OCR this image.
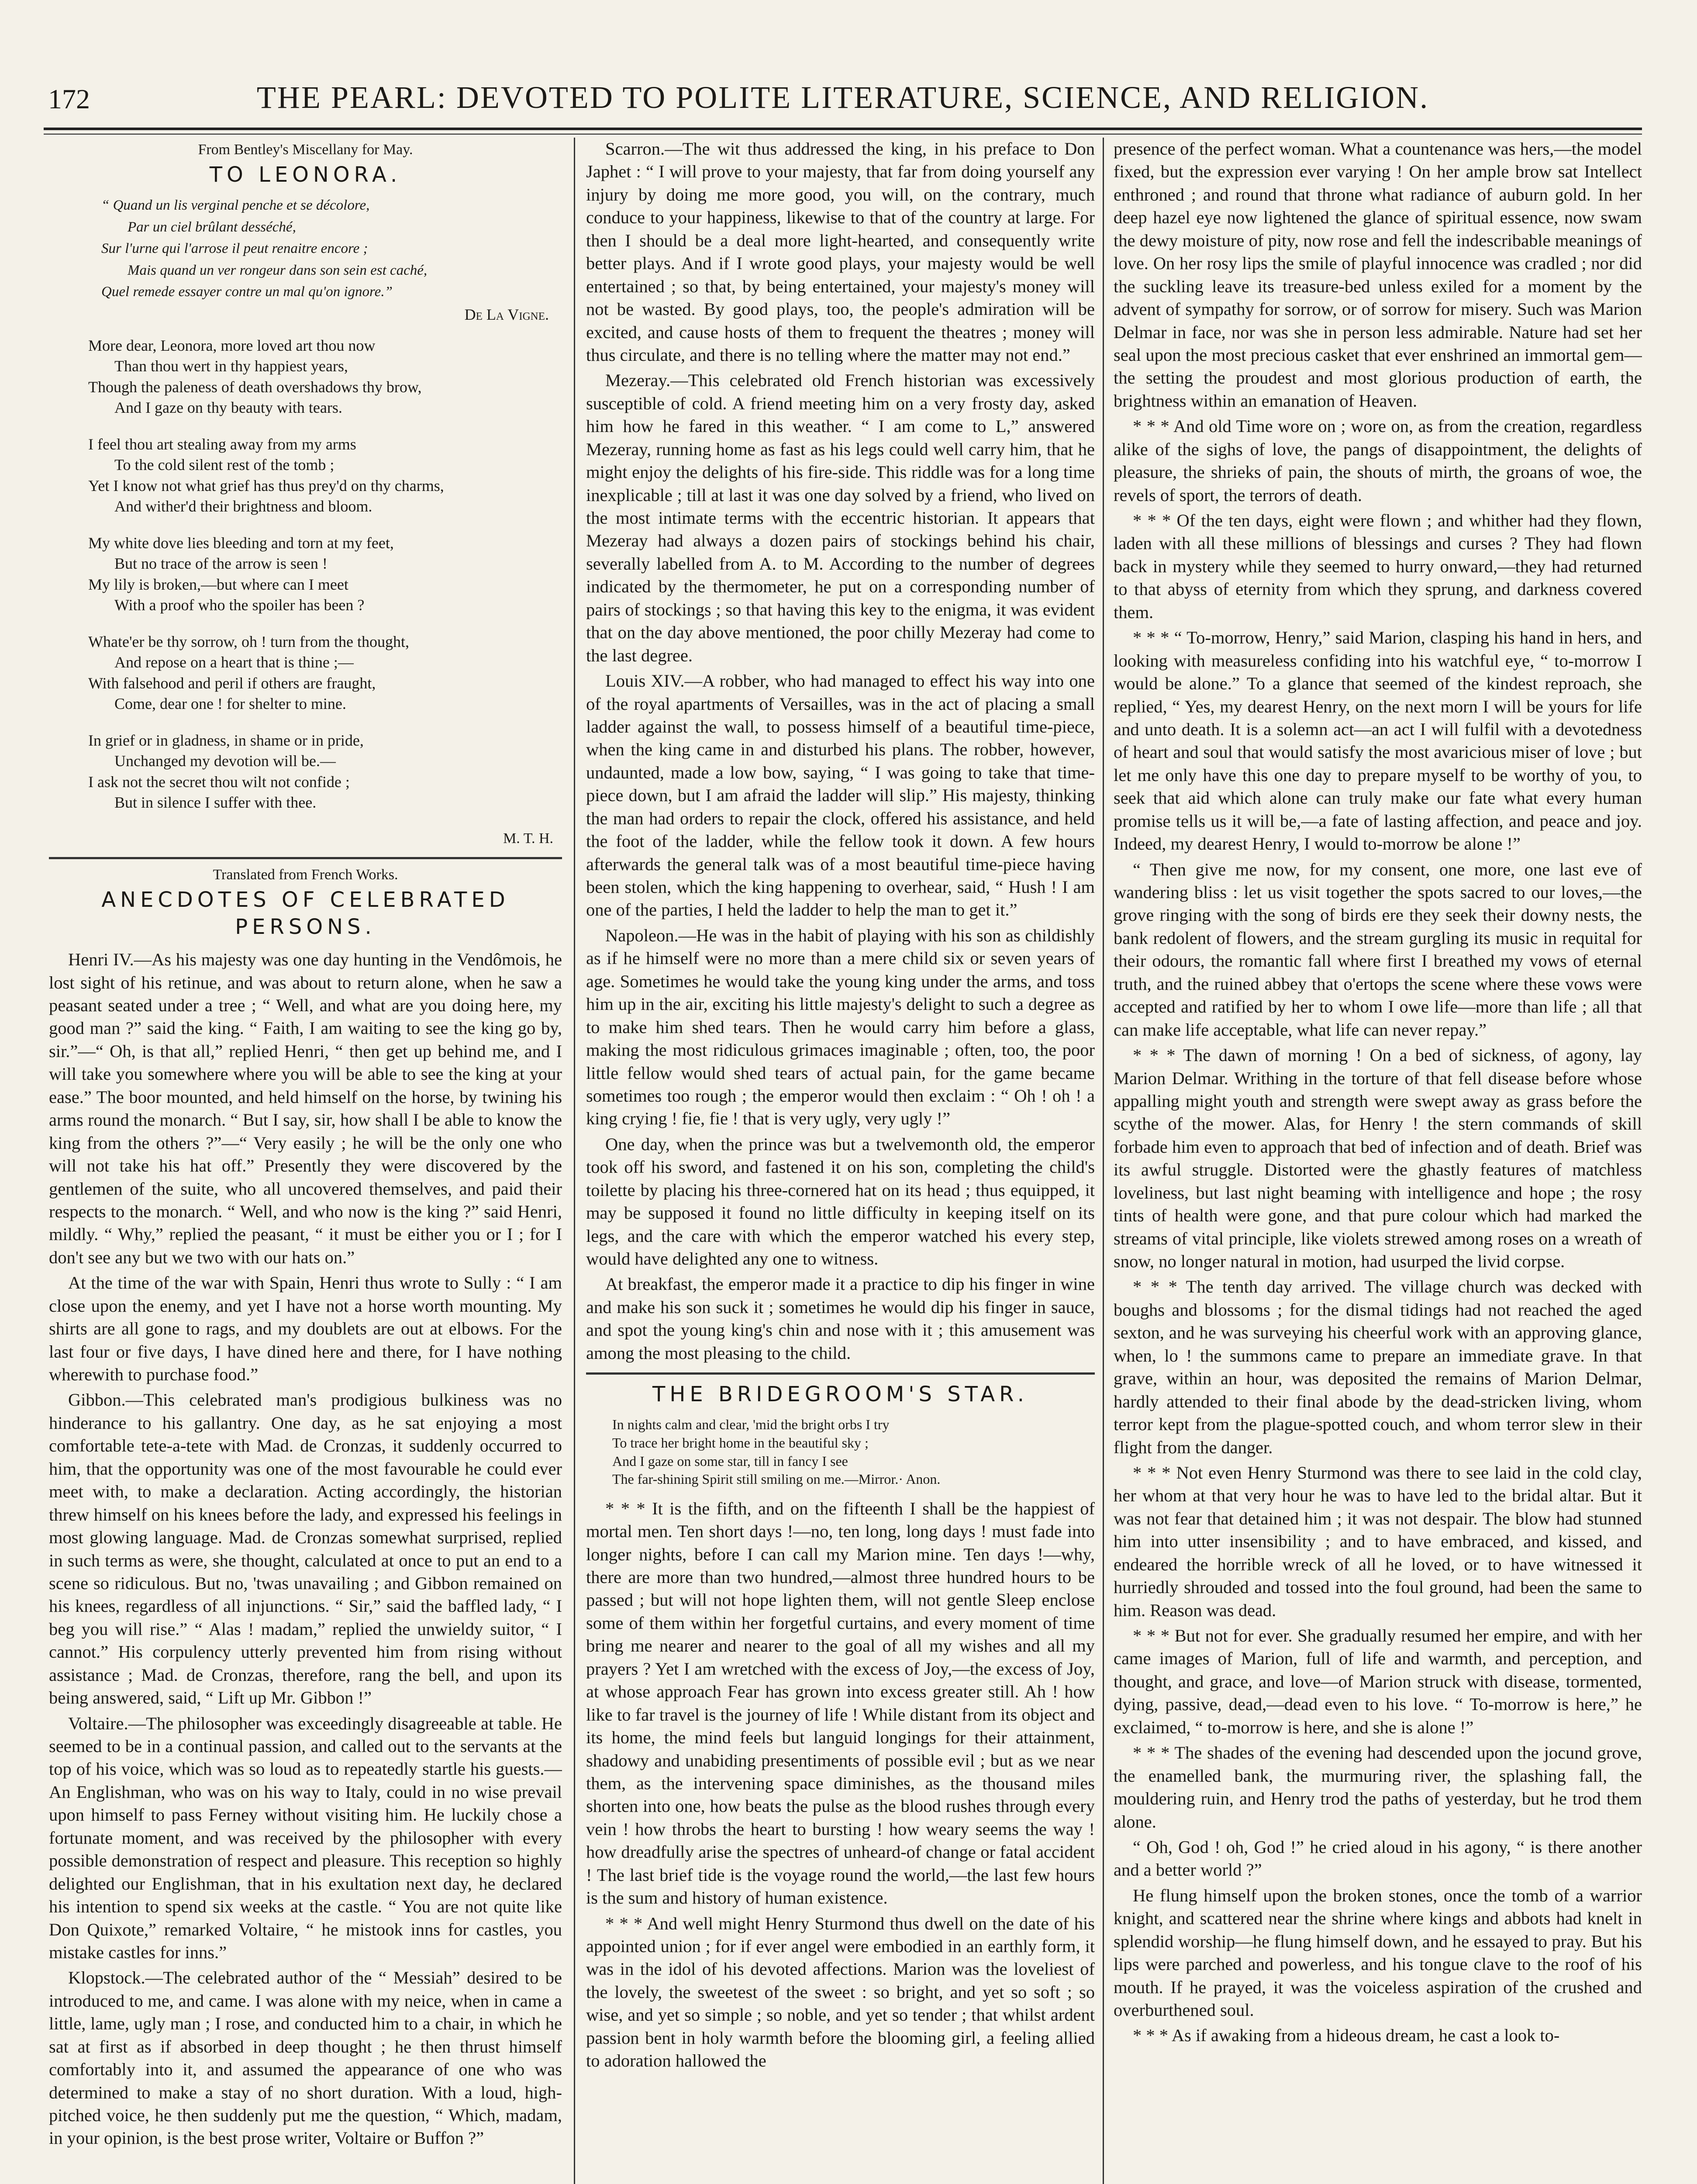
172	THE PEARL: DEVOTED TO POLITE LITERATURE, SCIENCE, AND RELIGION.
From Bentley's Miscellany for May.
TO LEONORA.
“ Quand un lis verginal penche et se décolore,
Par un ciel brûlant desséché,
Sur l'urne qui l'arrose il peut renaitre encore ;
Mais quand un ver rongeur dans son sein est caché,
Quel remede essayer contre un mal qu'on ignore.”
De La Vigne.
More dear, Leonora, more loved art thou now
Than thou wert in thy happiest years,
Though the paleness of death overshadows thy brow,
And I gaze on thy beauty with tears.
I feel thou art stealing away from my arms
To the cold silent rest of the tomb ;
Yet I know not what grief has thus prey'd on thy charms,
And wither'd their brightness and bloom.
My white dove lies bleeding and torn at my feet,
But no trace of the arrow is seen !
My lily is broken,—but where can I meet
With a proof who the spoiler has been ?
Whate'er be thy sorrow, oh ! turn from the thought,
And repose on a heart that is thine ;—
With falsehood and peril if others are fraught,
Come, dear one ! for shelter to mine.
In grief or in gladness, in shame or in pride,
Unchanged my devotion will be.—
I ask not the secret thou wilt not confide ;
But in silence I suffer with thee.
M. T. H.
Translated from French Works.
ANECDOTES OF CELEBRATED PERSONS.

Henri IV.—As his majesty was one day hunting in the Vendômois, he lost sight of his retinue, and was about to return alone, when he saw a peasant seated under a tree ; “ Well, and what are you doing here, my good man ?” said the king. “ Faith, I am waiting to see the king go by, sir.”—“ Oh, is that all,” replied Henri, “ then get up behind me, and I will take you somewhere where you will be able to see the king at your ease.” The boor mounted, and held himself on the horse, by twining his arms round the monarch. “ But I say, sir, how shall I be able to know the king from the others ?”—“ Very easily ; he will be the only one who will not take his hat off.” Presently they were discovered by the gentlemen of the suite, who all uncovered themselves, and paid their respects to the monarch. “ Well, and who now is the king ?” said Henri, mildly. “ Why,” replied the peasant, “ it must be either you or I ; for I don't see any but we two with our hats on.”

At the time of the war with Spain, Henri thus wrote to Sully : “ I am close upon the enemy, and yet I have not a horse worth mounting. My shirts are all gone to rags, and my doublets are out at elbows. For the last four or five days, I have dined here and there, for I have nothing wherewith to purchase food.”

Gibbon.—This celebrated man's prodigious bulkiness was no hinderance to his gallantry. One day, as he sat enjoying a most comfortable tete-a-tete with Mad. de Cronzas, it suddenly occurred to him, that the opportunity was one of the most favourable he could ever meet with, to make a declaration. Acting accordingly, the historian threw himself on his knees before the lady, and expressed his feelings in most glowing language. Mad. de Cronzas somewhat surprised, replied in such terms as were, she thought, calculated at once to put an end to a scene so ridiculous. But no, 'twas unavailing ; and Gibbon remained on his knees, regardless of all injunctions. “ Sir,” said the baffled lady, “ I beg you will rise.” “ Alas ! madam,” replied the unwieldy suitor, “ I cannot.” His corpulency utterly prevented him from rising without assistance ; Mad. de Cronzas, therefore, rang the bell, and upon its being answered, said, “ Lift up Mr. Gibbon !”

Voltaire.—The philosopher was exceedingly disagreeable at table. He seemed to be in a continual passion, and called out to the servants at the top of his voice, which was so loud as to repeatedly startle his guests.—An Englishman, who was on his way to Italy, could in no wise prevail upon himself to pass Ferney without visiting him. He luckily chose a fortunate moment, and was received by the philosopher with every possible demonstration of respect and pleasure. This reception so highly delighted our Englishman, that in his exultation next day, he declared his intention to spend six weeks at the castle. “ You are not quite like Don Quixote,” remarked Voltaire, “ he mistook inns for castles, you mistake castles for inns.”

Klopstock.—The celebrated author of the “ Messiah” desired to be introduced to me, and came. I was alone with my neice, when in came a little, lame, ugly man ; I rose, and conducted him to a chair, in which he sat at first as if absorbed in deep thought ; he then thrust himself comfortably into it, and assumed the appearance of one who was determined to make a stay of no short duration. With a loud, high-pitched voice, he then suddenly put me the question, “ Which, madam, in your opinion, is the best prose writer, Voltaire or Buffon ?”

Scarron.—The wit thus addressed the king, in his preface to Don Japhet : “ I will prove to your majesty, that far from doing yourself any injury by doing me more good, you will, on the contrary, much conduce to your happiness, likewise to that of the country at large. For then I should be a deal more light-hearted, and consequently write better plays. And if I wrote good plays, your majesty would be well entertained ; so that, by being entertained, your majesty's money will not be wasted. By good plays, too, the people's admiration will be excited, and cause hosts of them to frequent the theatres ; money will thus circulate, and there is no telling where the matter may not end.”

Mezeray.—This celebrated old French historian was excessively susceptible of cold. A friend meeting him on a very frosty day, asked him how he fared in this weather. “ I am come to L,” answered Mezeray, running home as fast as his legs could well carry him, that he might enjoy the delights of his fire-side. This riddle was for a long time inexplicable ; till at last it was one day solved by a friend, who lived on the most intimate terms with the eccentric historian. It appears that Mezeray had always a dozen pairs of stockings behind his chair, severally labelled from A. to M. According to the number of degrees indicated by the thermometer, he put on a corresponding number of pairs of stockings ; so that having this key to the enigma, it was evident that on the day above mentioned, the poor chilly Mezeray had come to the last degree.

Louis XIV.—A robber, who had managed to effect his way into one of the royal apartments of Versailles, was in the act of placing a small ladder against the wall, to possess himself of a beautiful time-piece, when the king came in and disturbed his plans. The robber, however, undaunted, made a low bow, saying, “ I was going to take that time-piece down, but I am afraid the ladder will slip.” His majesty, thinking the man had orders to repair the clock, offered his assistance, and held the foot of the ladder, while the fellow took it down. A few hours afterwards the general talk was of a most beautiful time-piece having been stolen, which the king happening to overhear, said, “ Hush ! I am one of the parties, I held the ladder to help the man to get it.”

Napoleon.—He was in the habit of playing with his son as childishly as if he himself were no more than a mere child six or seven years of age. Sometimes he would take the young king under the arms, and toss him up in the air, exciting his little majesty's delight to such a degree as to make him shed tears. Then he would carry him before a glass, making the most ridiculous grimaces imaginable ; often, too, the poor little fellow would shed tears of actual pain, for the game became sometimes too rough ; the emperor would then exclaim : “ Oh ! oh ! a king crying ! fie, fie ! that is very ugly, very ugly !”

One day, when the prince was but a twelvemonth old, the emperor took off his sword, and fastened it on his son, completing the child's toilette by placing his three-cornered hat on its head ; thus equipped, it may be supposed it found no little difficulty in keeping itself on its legs, and the care with which the emperor watched his every step, would have delighted any one to witness.

At breakfast, the emperor made it a practice to dip his finger in wine and make his son suck it ; sometimes he would dip his finger in sauce, and spot the young king's chin and nose with it ; this amusement was among the most pleasing to the child.

THE BRIDEGROOM'S STAR.
In nights calm and clear, 'mid the bright orbs I try
To trace her bright home in the beautiful sky ;
And I gaze on some star, till in fancy I see
The far-shining Spirit still smiling on me.—Mirror.· Anon.

* * * It is the fifth, and on the fifteenth I shall be the happiest of mortal men. Ten short days !—no, ten long, long days ! must fade into longer nights, before I can call my Marion mine. Ten days !—why, there are more than two hundred,—almost three hundred hours to be passed ; but will not hope lighten them, will not gentle Sleep enclose some of them within her forgetful curtains, and every moment of time bring me nearer and nearer to the goal of all my wishes and all my prayers ? Yet I am wretched with the excess of Joy,—the excess of Joy, at whose approach Fear has grown into excess greater still. Ah ! how like to far travel is the journey of life ! While distant from its object and its home, the mind feels but languid longings for their attainment, shadowy and unabiding presentiments of possible evil ; but as we near them, as the intervening space diminishes, as the thousand miles shorten into one, how beats the pulse as the blood rushes through every vein ! how throbs the heart to bursting ! how weary seems the way ! how dreadfully arise the spectres of unheard-of change or fatal accident ! The last brief tide is the voyage round the world,—the last few hours is the sum and history of human existence.

* * * And well might Henry Sturmond thus dwell on the date of his appointed union ; for if ever angel were embodied in an earthly form, it was in the idol of his devoted affections. Marion was the loveliest of the lovely, the sweetest of the sweet : so bright, and yet so soft ; so wise, and yet so simple ; so noble, and yet so tender ; that whilst ardent passion bent in holy warmth before the blooming girl, a feeling allied to adoration hallowed the

presence of the perfect woman. What a countenance was hers,—the model fixed, but the expression ever varying ! On her ample brow sat Intellect enthroned ; and round that throne what radiance of auburn gold. In her deep hazel eye now lightened the glance of spiritual essence, now swam the dewy moisture of pity, now rose and fell the indescribable meanings of love. On her rosy lips the smile of playful innocence was cradled ; nor did the suckling leave its treasure-bed unless exiled for a moment by the advent of sympathy for sorrow, or of sorrow for misery. Such was Marion Delmar in face, nor was she in person less admirable. Nature had set her seal upon the most precious casket that ever enshrined an immortal gem—the setting the proudest and most glorious production of earth, the brightness within an emanation of Heaven.

* * * And old Time wore on ; wore on, as from the creation, regardless alike of the sighs of love, the pangs of disappointment, the delights of pleasure, the shrieks of pain, the shouts of mirth, the groans of woe, the revels of sport, the terrors of death.

* * * Of the ten days, eight were flown ; and whither had they flown, laden with all these millions of blessings and curses ? They had flown back in mystery while they seemed to hurry onward,—they had returned to that abyss of eternity from which they sprung, and darkness covered them.

* * * “ To-morrow, Henry,” said Marion, clasping his hand in hers, and looking with measureless confiding into his watchful eye, “ to-morrow I would be alone.” To a glance that seemed of the kindest reproach, she replied, “ Yes, my dearest Henry, on the next morn I will be yours for life and unto death. It is a solemn act—an act I will fulfil with a devotedness of heart and soul that would satisfy the most avaricious miser of love ; but let me only have this one day to prepare myself to be worthy of you, to seek that aid which alone can truly make our fate what every human promise tells us it will be,—a fate of lasting affection, and peace and joy. Indeed, my dearest Henry, I would to-morrow be alone !”

“ Then give me now, for my consent, one more, one last eve of wandering bliss : let us visit together the spots sacred to our loves,—the grove ringing with the song of birds ere they seek their downy nests, the bank redolent of flowers, and the stream gurgling its music in requital for their odours, the romantic fall where first I breathed my vows of eternal truth, and the ruined abbey that o'ertops the scene where these vows were accepted and ratified by her to whom I owe life—more than life ; all that can make life acceptable, what life can never repay.”

* * * The dawn of morning ! On a bed of sickness, of agony, lay Marion Delmar. Writhing in the torture of that fell disease before whose appalling might youth and strength were swept away as grass before the scythe of the mower. Alas, for Henry ! the stern commands of skill forbade him even to approach that bed of infection and of death. Brief was its awful struggle. Distorted were the ghastly features of matchless loveliness, but last night beaming with intelligence and hope ; the rosy tints of health were gone, and that pure colour which had marked the streams of vital principle, like violets strewed among roses on a wreath of snow, no longer natural in motion, had usurped the livid corpse.

* * * The tenth day arrived. The village church was decked with boughs and blossoms ; for the dismal tidings had not reached the aged sexton, and he was surveying his cheerful work with an approving glance, when, lo ! the summons came to prepare an immediate grave. In that grave, within an hour, was deposited the remains of Marion Delmar, hardly attended to their final abode by the dead-stricken living, whom terror kept from the plague-spotted couch, and whom terror slew in their flight from the danger.

* * * Not even Henry Sturmond was there to see laid in the cold clay, her whom at that very hour he was to have led to the bridal altar. But it was not fear that detained him ; it was not despair. The blow had stunned him into utter insensibility ; and to have embraced, and kissed, and endeared the horrible wreck of all he loved, or to have witnessed it hurriedly shrouded and tossed into the foul ground, had been the same to him. Reason was dead.

* * * But not for ever. She gradually resumed her empire, and with her came images of Marion, full of life and warmth, and perception, and thought, and grace, and love—of Marion struck with disease, tormented, dying, passive, dead,—dead even to his love. “ To-morrow is here,” he exclaimed, “ to-morrow is here, and she is alone !”

* * * The shades of the evening had descended upon the jocund grove, the enamelled bank, the murmuring river, the splashing fall, the mouldering ruin, and Henry trod the paths of yesterday, but he trod them alone.

“ Oh, God ! oh, God !” he cried aloud in his agony, “ is there another and a better world ?”

He flung himself upon the broken stones, once the tomb of a warrior knight, and scattered near the shrine where kings and abbots had knelt in splendid worship—he flung himself down, and he essayed to pray. But his lips were parched and powerless, and his tongue clave to the roof of his mouth. If he prayed, it was the voiceless aspiration of the crushed and overburthened soul.

* * * As if awaking from a hideous dream, he cast a look to-
